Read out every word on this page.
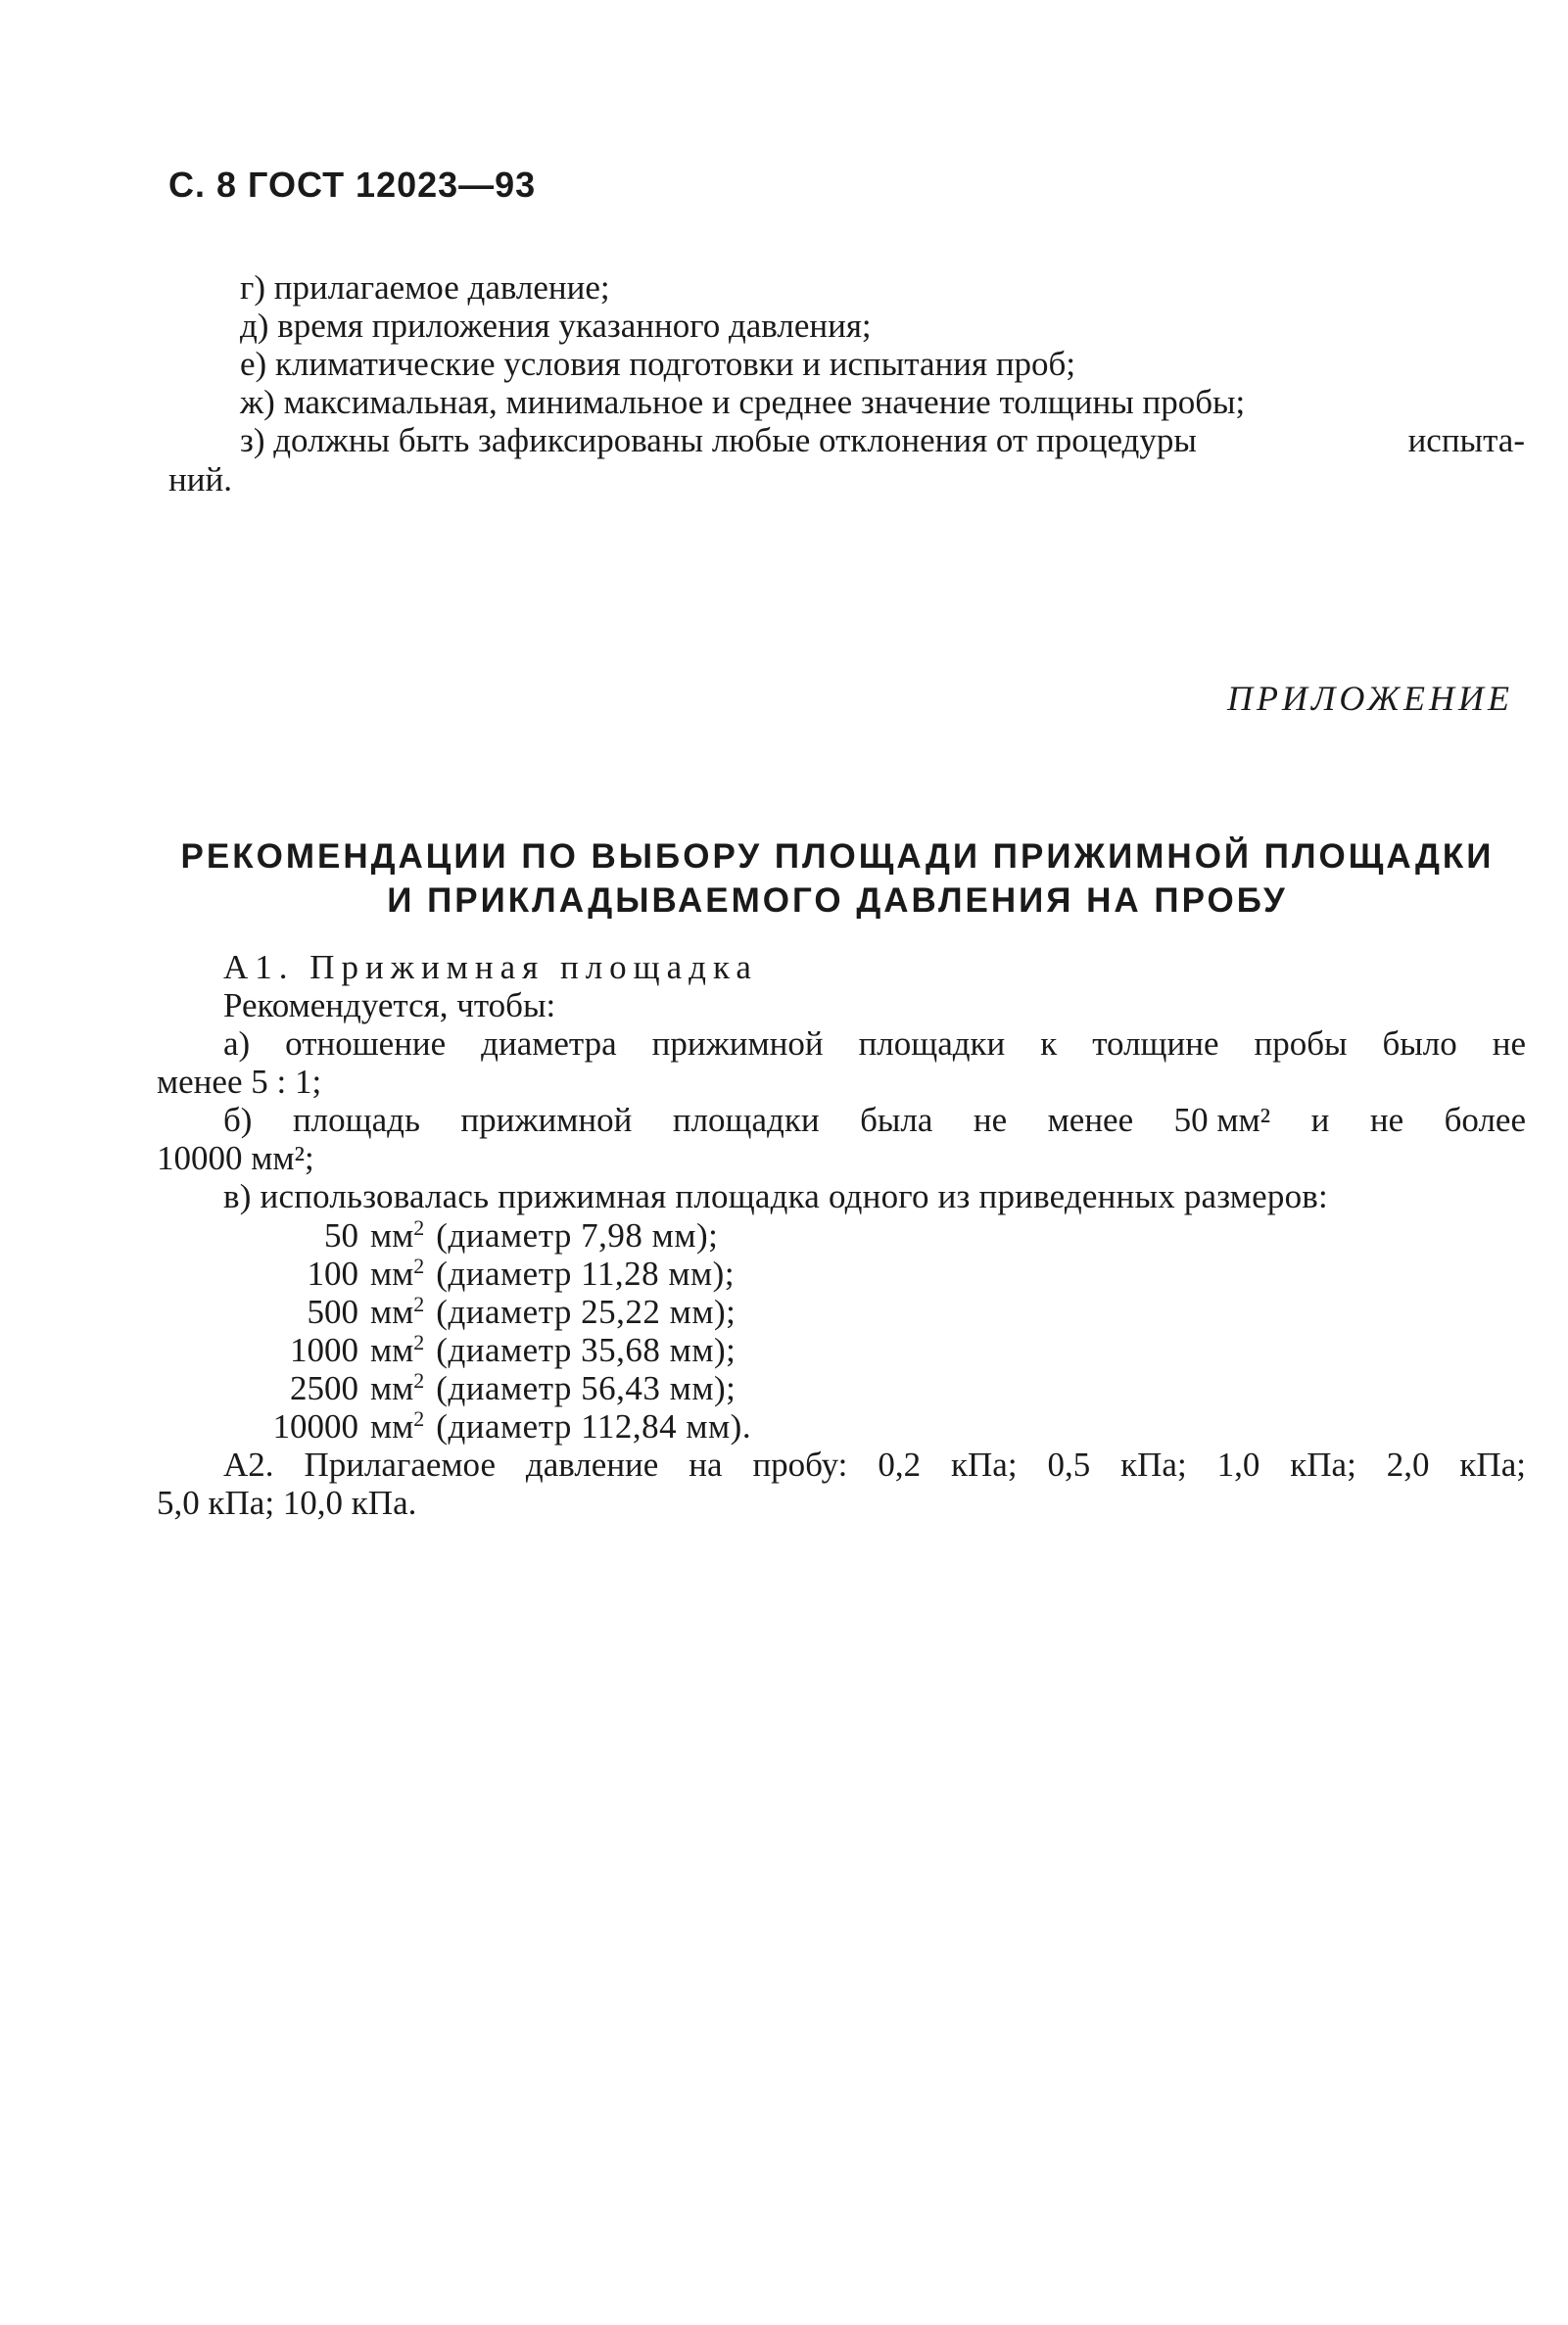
С. 8 ГОСТ 12023—93
г) прилагаемое давление;
д) время приложения указанного давления;
е) климатические условия подготовки и испытания проб;
ж) максимальная, минимальное и среднее значение толщины пробы;
з) должны быть зафиксированы любые отклонения от процедуры	испыта-
ний.
ПРИЛОЖЕНИЕ
РЕКОМЕНДАЦИИ ПО ВЫБОРУ ПЛОЩАДИ ПРИЖИМНОЙ ПЛОЩАДКИ
И ПРИКЛАДЫВАЕМОГО ДАВЛЕНИЯ НА ПРОБУ
А1. Прижимная площадка
Рекомендуется, чтобы:
а) отношение диаметра прижимной площадки к толщине пробы было не
менее 5 : 1;
б) площадь прижимной площадки была не менее 50 мм² и не более
10000 мм²;
в) использовалась прижимная площадка одного из приведенных размеров:
50 $мм^2$ (диаметр 7,98 мм);
100 $мм^2$ (диаметр 11,28 мм);
500 $мм^2$ (диаметр 25,22 мм);
1000 $мм^2$ (диаметр 35,68 мм);
2500 $мм^2$ (диаметр 56,43 мм);
10000 $мм^2$ (диаметр 112,84 мм).
А2. Прилагаемое давление на пробу: 0,2 кПа; 0,5 кПа; 1,0 кПа; 2,0 кПа;
5,0 кПа; 10,0 кПа.
